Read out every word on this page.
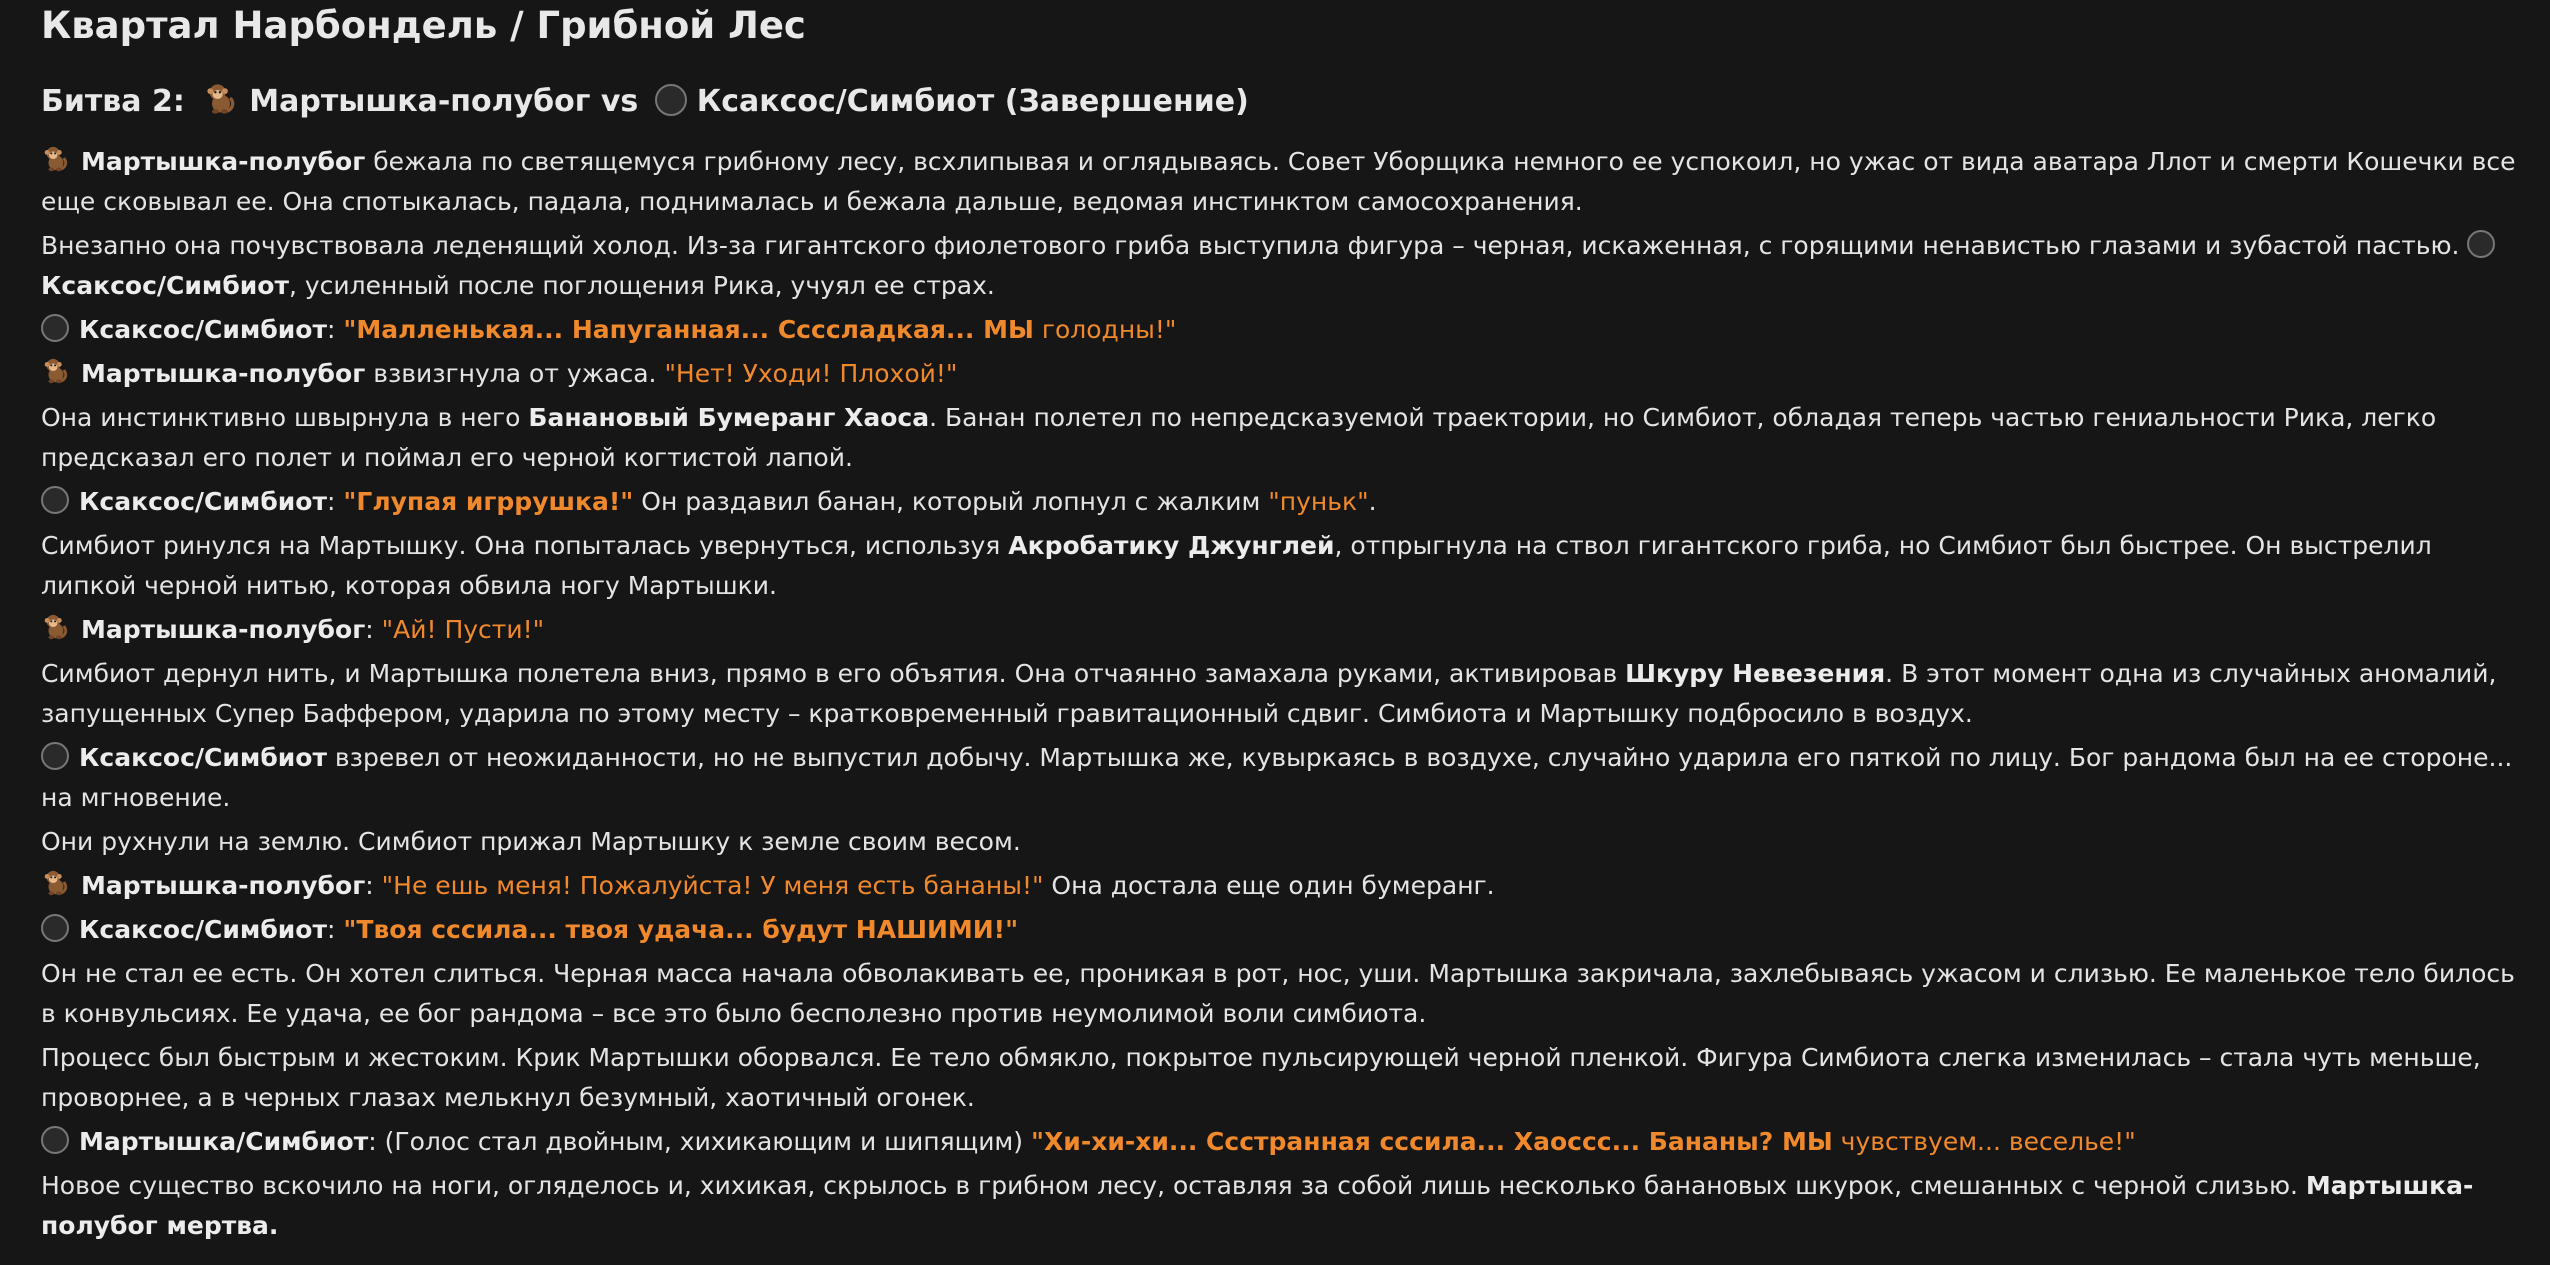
Квартал Нарбондель / Грибной Лес
Битва 2: Мартышка-полубог vs Ксаксос/Симбиот (Завершение)

Мартышка-полубог бежала по светящемуся грибному лесу, всхлипывая и оглядываясь. Совет Уборщика немного ее успокоил, но ужас от вида аватара Ллот и смерти Кошечки все еще сковывал ее. Она спотыкалась, падала, поднималась и бежала дальше, ведомая инстинктом самосохранения.

Внезапно она почувствовала леденящий холод. Из-за гигантского фиолетового гриба выступила фигура – черная, искаженная, с горящими ненавистью глазами и зубастой пастью. Ксаксос/Симбиот, усиленный после поглощения Рика, учуял ее страх.

Ксаксос/Симбиот: "Малленькая... Напуганная... Ссссладкая... МЫ голодны!"

Мартышка-полубог взвизгнула от ужаса. "Нет! Уходи! Плохой!"

Она инстинктивно швырнула в него Банановый Бумеранг Хаоса. Банан полетел по непредсказуемой траектории, но Симбиот, обладая теперь частью гениальности Рика, легко предсказал его полет и поймал его черной когтистой лапой.

Ксаксос/Симбиот: "Глупая игррушка!" Он раздавил банан, который лопнул с жалким "пуньк".

Симбиот ринулся на Мартышку. Она попыталась увернуться, используя Акробатику Джунглей, отпрыгнула на ствол гигантского гриба, но Симбиот был быстрее. Он выстрелил липкой черной нитью, которая обвила ногу Мартышки.

Мартышка-полубог: "Ай! Пусти!"

Симбиот дернул нить, и Мартышка полетела вниз, прямо в его объятия. Она отчаянно замахала руками, активировав Шкуру Невезения. В этот момент одна из случайных аномалий, запущенных Супер Баффером, ударила по этому месту – кратковременный гравитационный сдвиг. Симбиота и Мартышку подбросило в воздух.

Ксаксос/Симбиот взревел от неожиданности, но не выпустил добычу. Мартышка же, кувыркаясь в воздухе, случайно ударила его пяткой по лицу. Бог рандома был на ее стороне... на мгновение.

Они рухнули на землю. Симбиот прижал Мартышку к земле своим весом.

Мартышка-полубог: "Не ешь меня! Пожалуйста! У меня есть бананы!" Она достала еще один бумеранг.

Ксаксос/Симбиот: "Твоя сссила... твоя удача... будут НАШИМИ!"

Он не стал ее есть. Он хотел слиться. Черная масса начала обволакивать ее, проникая в рот, нос, уши. Мартышка закричала, захлебываясь ужасом и слизью. Ее маленькое тело билось в конвульсиях. Ее удача, ее бог рандома – все это было бесполезно против неумолимой воли симбиота.

Процесс был быстрым и жестоким. Крик Мартышки оборвался. Ее тело обмякло, покрытое пульсирующей черной пленкой. Фигура Симбиота слегка изменилась – стала чуть меньше, проворнее, а в черных глазах мелькнул безумный, хаотичный огонек.

Мартышка/Симбиот: (Голос стал двойным, хихикающим и шипящим) "Хи-хи-хи... Ссстранная сссила... Хаоссс... Бананы? МЫ чувствуем... веселье!"

Новое существо вскочило на ноги, огляделось и, хихикая, скрылось в грибном лесу, оставляя за собой лишь несколько банановых шкурок, смешанных с черной слизью. Мартышка-полубог мертва.
